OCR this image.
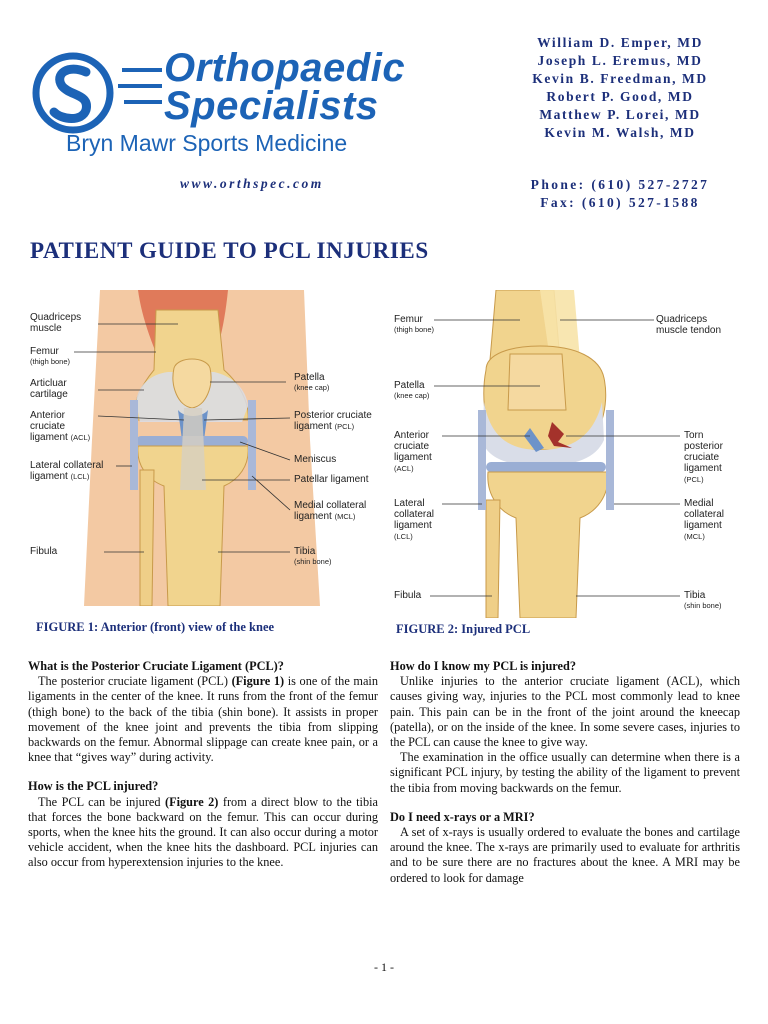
Orthopaedic
Specialists
Bryn Mawr Sports Medicine
www.orthspec.com
William D. Emper, MD
Joseph L. Eremus, MD
Kevin B. Freedman, MD
Robert P. Good, MD
Matthew P. Lorei, MD
Kevin M. Walsh, MD
Phone: (610) 527-2727
Fax: (610) 527-1588
PATIENT GUIDE TO PCL INJURIES
Quadriceps muscle
Femur
(thigh bone)
Articluar cartilage
Anterior cruciate ligament (ACL)
Lateral collateral ligament (LCL)
Fibula
Patella
(knee cap)
Posterior cruciate ligament (PCL)
Meniscus
Patellar ligament
Medial collateral ligament (MCL)
Tibia
(shin bone)
FIGURE 1: Anterior (front) view of the knee
Femur
(thigh bone)
Patella
(knee cap)
Anterior cruciate ligament (ACL)
Lateral collateral ligament (LCL)
Fibula
Quadriceps muscle tendon
Torn posterior cruciate ligament (PCL)
Medial collateral ligament (MCL)
Tibia
(shin bone)
FIGURE 2: Injured PCL
What is the Posterior Cruciate Ligament (PCL)?

The posterior cruciate ligament (PCL) (Figure 1) is one of the main ligaments in the center of the knee. It runs from the front of the femur (thigh bone) to the back of the tibia (shin bone). It assists in proper movement of the knee joint and prevents the tibia from slipping backwards on the femur. Abnormal slippage can create knee pain, or a knee that “gives way” during activity.

How is the PCL injured?

The PCL can be injured (Figure 2) from a direct blow to the tibia that forces the bone backward on the femur. This can occur during sports, when the knee hits the ground. It can also occur during a motor vehicle accident, when the knee hits the dashboard. PCL injuries can also occur from hyperextension injuries to the knee.

How do I know my PCL is injured?

Unlike injuries to the anterior cruciate ligament (ACL), which causes giving way, injuries to the PCL most commonly lead to knee pain. This pain can be in the front of the joint around the kneecap (patella), or on the inside of the knee. In some severe cases, injuries to the PCL can cause the knee to give way.

The examination in the office usually can determine when there is a significant PCL injury, by testing the ability of the ligament to prevent the tibia from moving backwards on the femur.

Do I need x-rays or a MRI?

A set of x-rays is usually ordered to evaluate the bones and cartilage around the knee. The x-rays are primarily used to evaluate for arthritis and to be sure there are no fractures about the knee. A MRI may be ordered to look for damage

- 1 -
